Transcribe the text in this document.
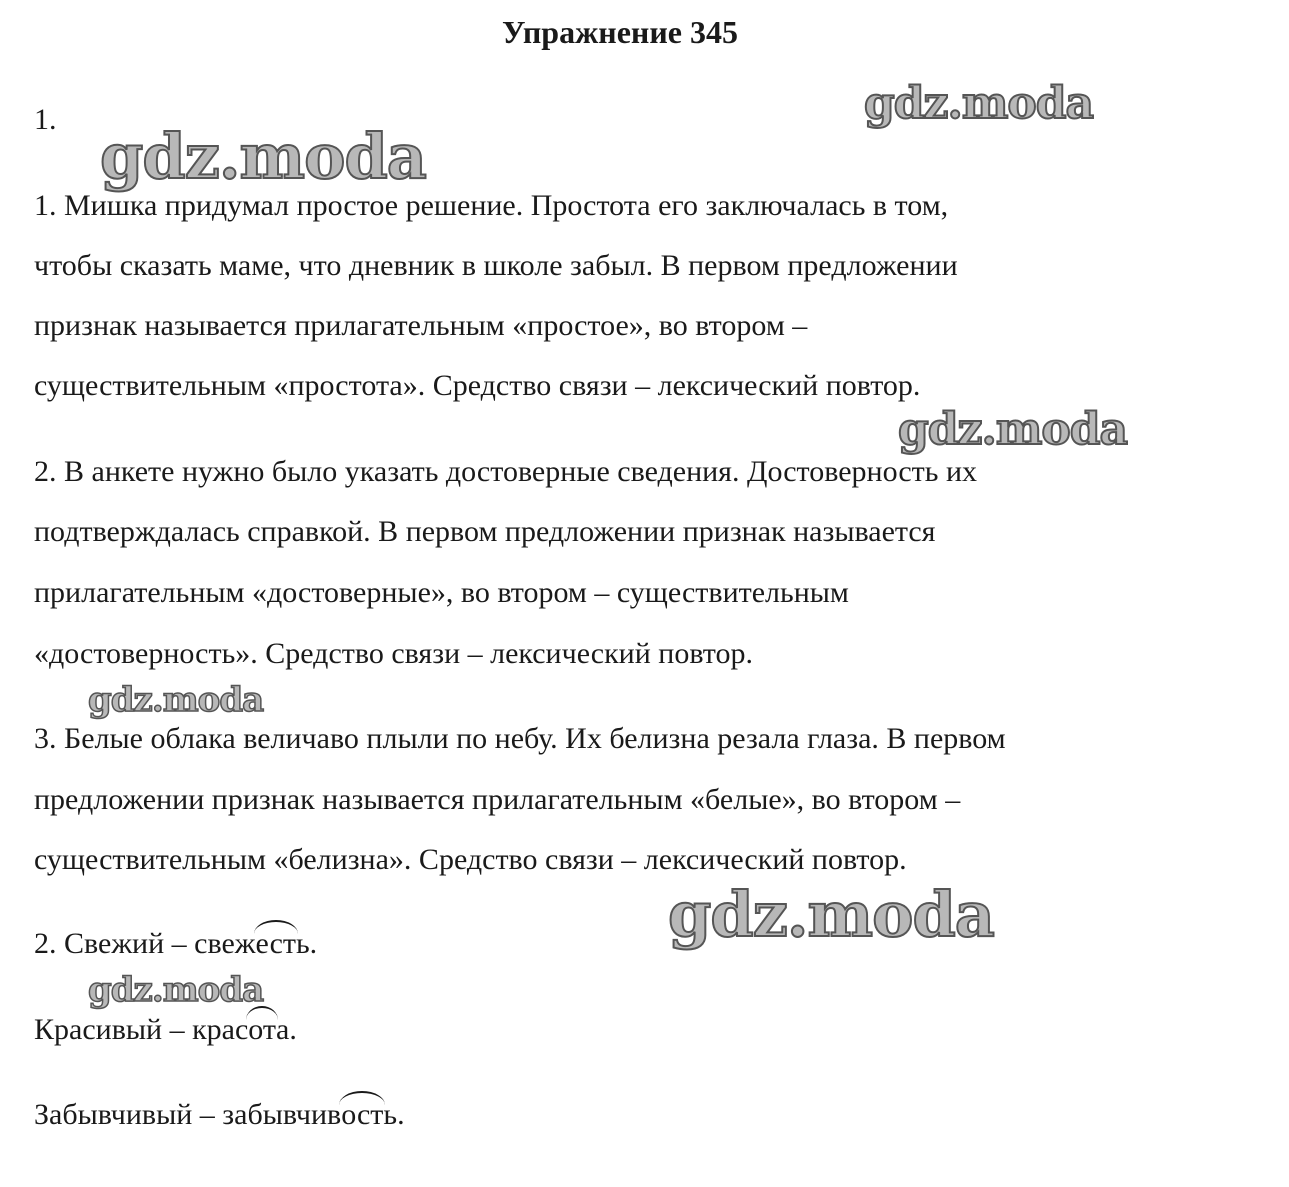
Упражнение 345
1.
1. Мишка придумал простое решение. Простота его заключалась в том,
чтобы сказать маме, что дневник в школе забыл. В первом предложении
признак называется прилагательным «простое», во втором –
существительным «простота». Средство связи – лексический повтор.
2. В анкете нужно было указать достоверные сведения. Достоверность их
подтверждалась справкой. В первом предложении признак называется
прилагательным «достоверные», во втором – существительным
«достоверность». Средство связи – лексический повтор.
3. Белые облака величаво плыли по небу. Их белизна резала глаза. В первом
предложении признак называется прилагательным «белые», во втором –
существительным «белизна». Средство связи – лексический повтор.
2. Свежий – свежесть.
Красивый – красота.
Забывчивый – забывчивость.
gdz.moda
gdz.moda
gdz.moda
gdz.moda
gdz.moda
gdz.moda
